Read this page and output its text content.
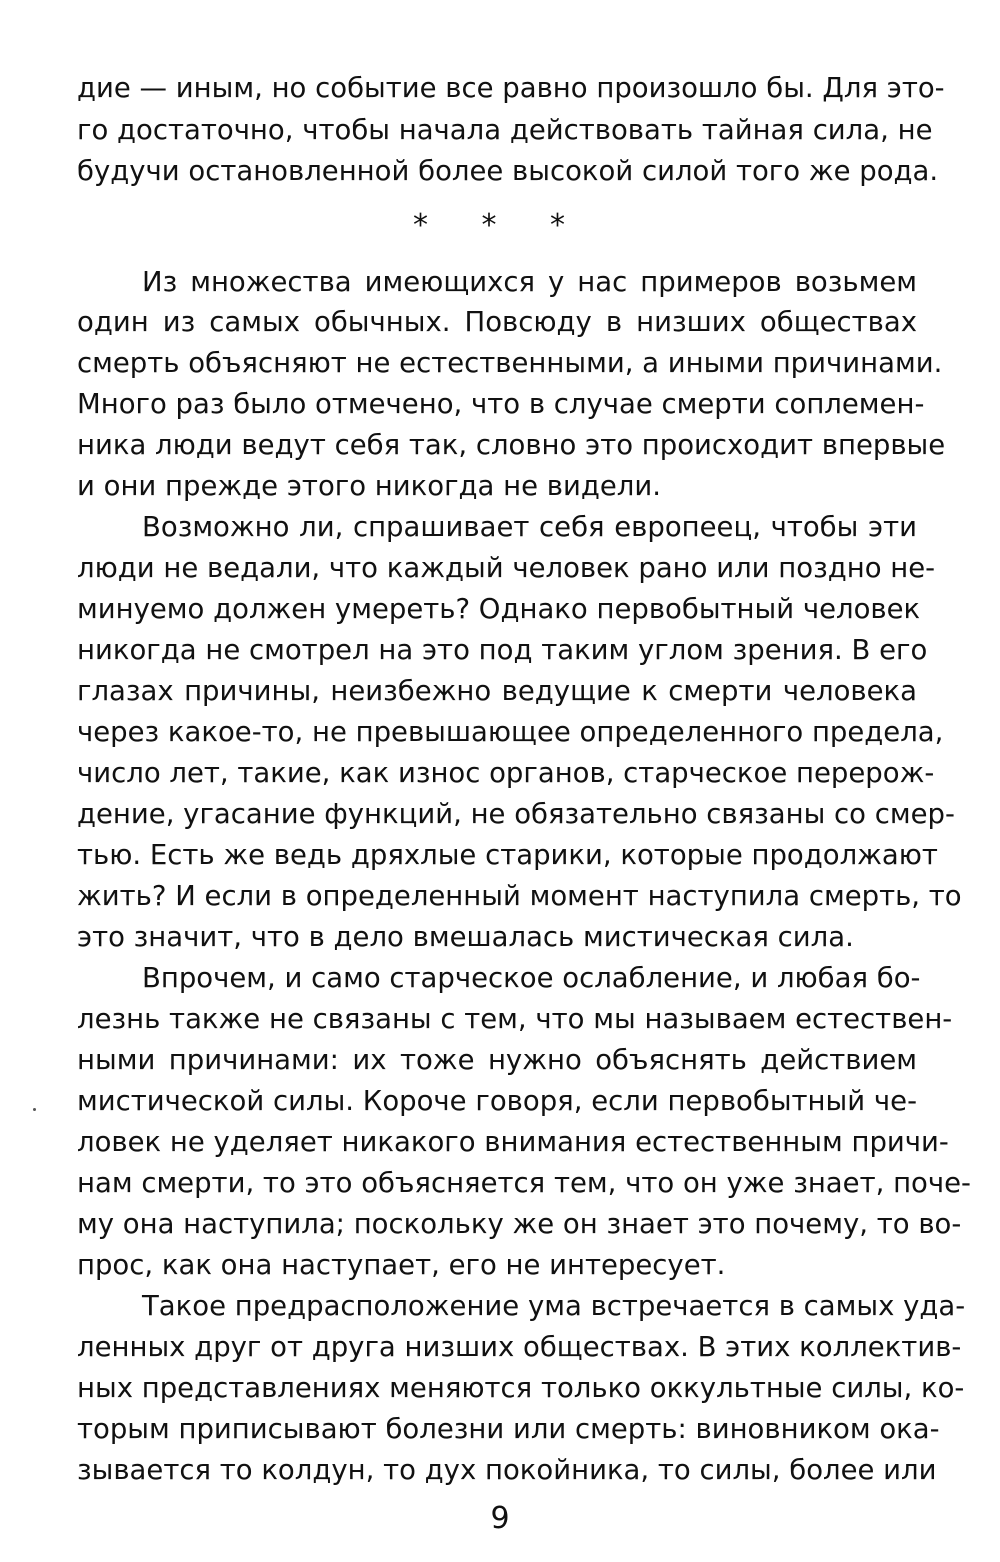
дие — иным, но событие все равно произошло бы. Для это-
го достаточно, чтобы начала действовать тайная сила, не
будучи остановленной более высокой силой того же рода.
* * *
Из множества имеющихся у нас примеров возьмем
один из самых обычных. Повсюду в низших обществах
смерть объясняют не естественными, а иными причинами.
Много раз было отмечено, что в случае смерти соплемен-
ника люди ведут себя так, словно это происходит впервые
и они прежде этого никогда не видели.
Возможно ли, спрашивает себя европеец, чтобы эти
люди не ведали, что каждый человек рано или поздно не-
минуемо должен умереть? Однако первобытный человек
никогда не смотрел на это под таким углом зрения. В его
глазах причины, неизбежно ведущие к смерти человека
через какое-то, не превышающее определенного предела,
число лет, такие, как износ органов, старческое перерож-
дение, угасание функций, не обязательно связаны со смер-
тью. Есть же ведь дряхлые старики, которые продолжают
жить? И если в определенный момент наступила смерть, то
это значит, что в дело вмешалась мистическая сила.
Впрочем, и само старческое ослабление, и любая бо-
лезнь также не связаны с тем, что мы называем естествен-
ными причинами: их тоже нужно объяснять действием
мистической силы. Короче говоря, если первобытный че-
ловек не уделяет никакого внимания естественным причи-
нам смерти, то это объясняется тем, что он уже знает, поче-
му она наступила; поскольку же он знает это почему, то во-
прос, как она наступает, его не интересует.
Такое предрасположение ума встречается в самых уда-
ленных друг от друга низших обществах. В этих коллектив-
ных представлениях меняются только оккультные силы, ко-
торым приписывают болезни или смерть: виновником ока-
зывается то колдун, то дух покойника, то силы, более или
9
